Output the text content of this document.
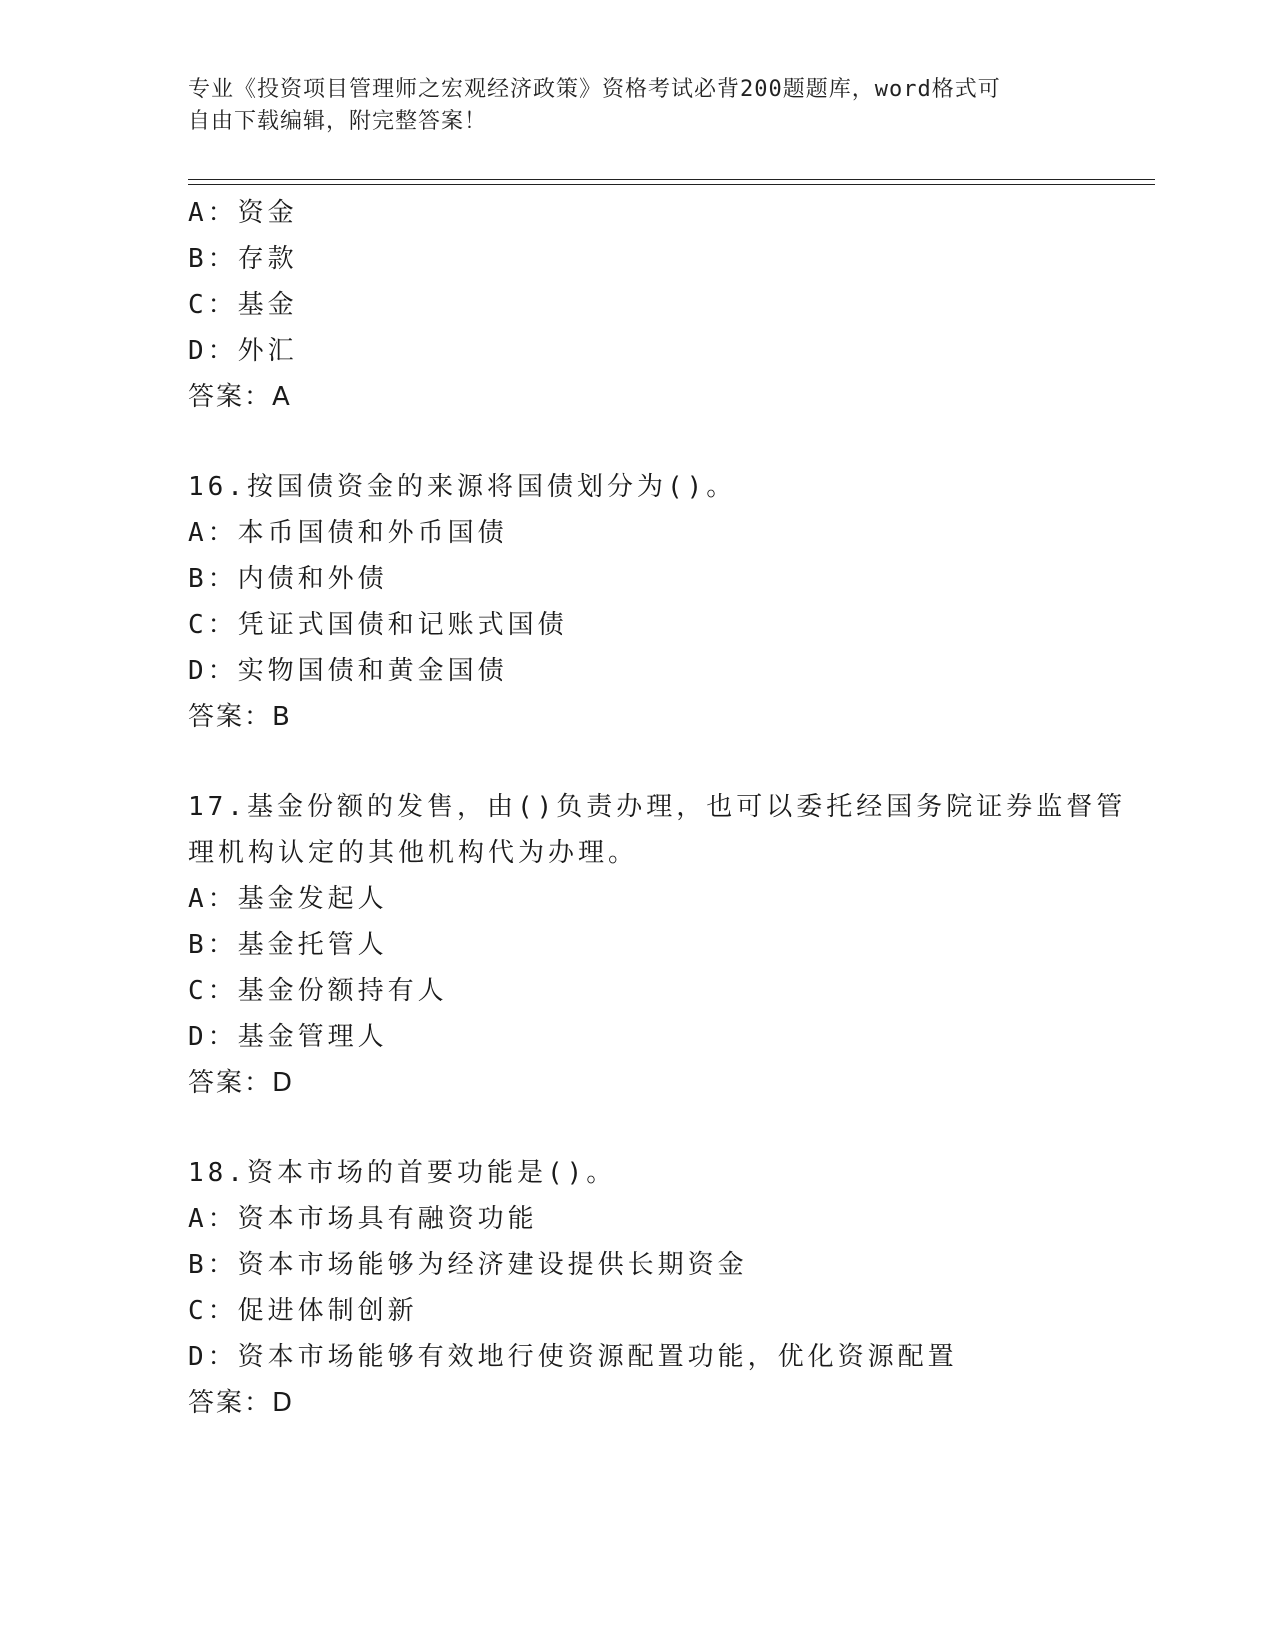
专业《投资项目管理师之宏观经济政策》资格考试必背200题题库，word格式可
自由下载编辑，附完整答案！
A：资金
B：存款
C：基金
D：外汇
答案：A
16.按国债资金的来源将国债划分为()。
A：本币国债和外币国债
B：内债和外债
C：凭证式国债和记账式国债
D：实物国债和黄金国债
答案：B
17.基金份额的发售，由()负责办理，也可以委托经国务院证券监督管
理机构认定的其他机构代为办理。
A：基金发起人
B：基金托管人
C：基金份额持有人
D：基金管理人
答案：D
18.资本市场的首要功能是()。
A：资本市场具有融资功能
B：资本市场能够为经济建设提供长期资金
C：促进体制创新
D：资本市场能够有效地行使资源配置功能，优化资源配置
答案：D
